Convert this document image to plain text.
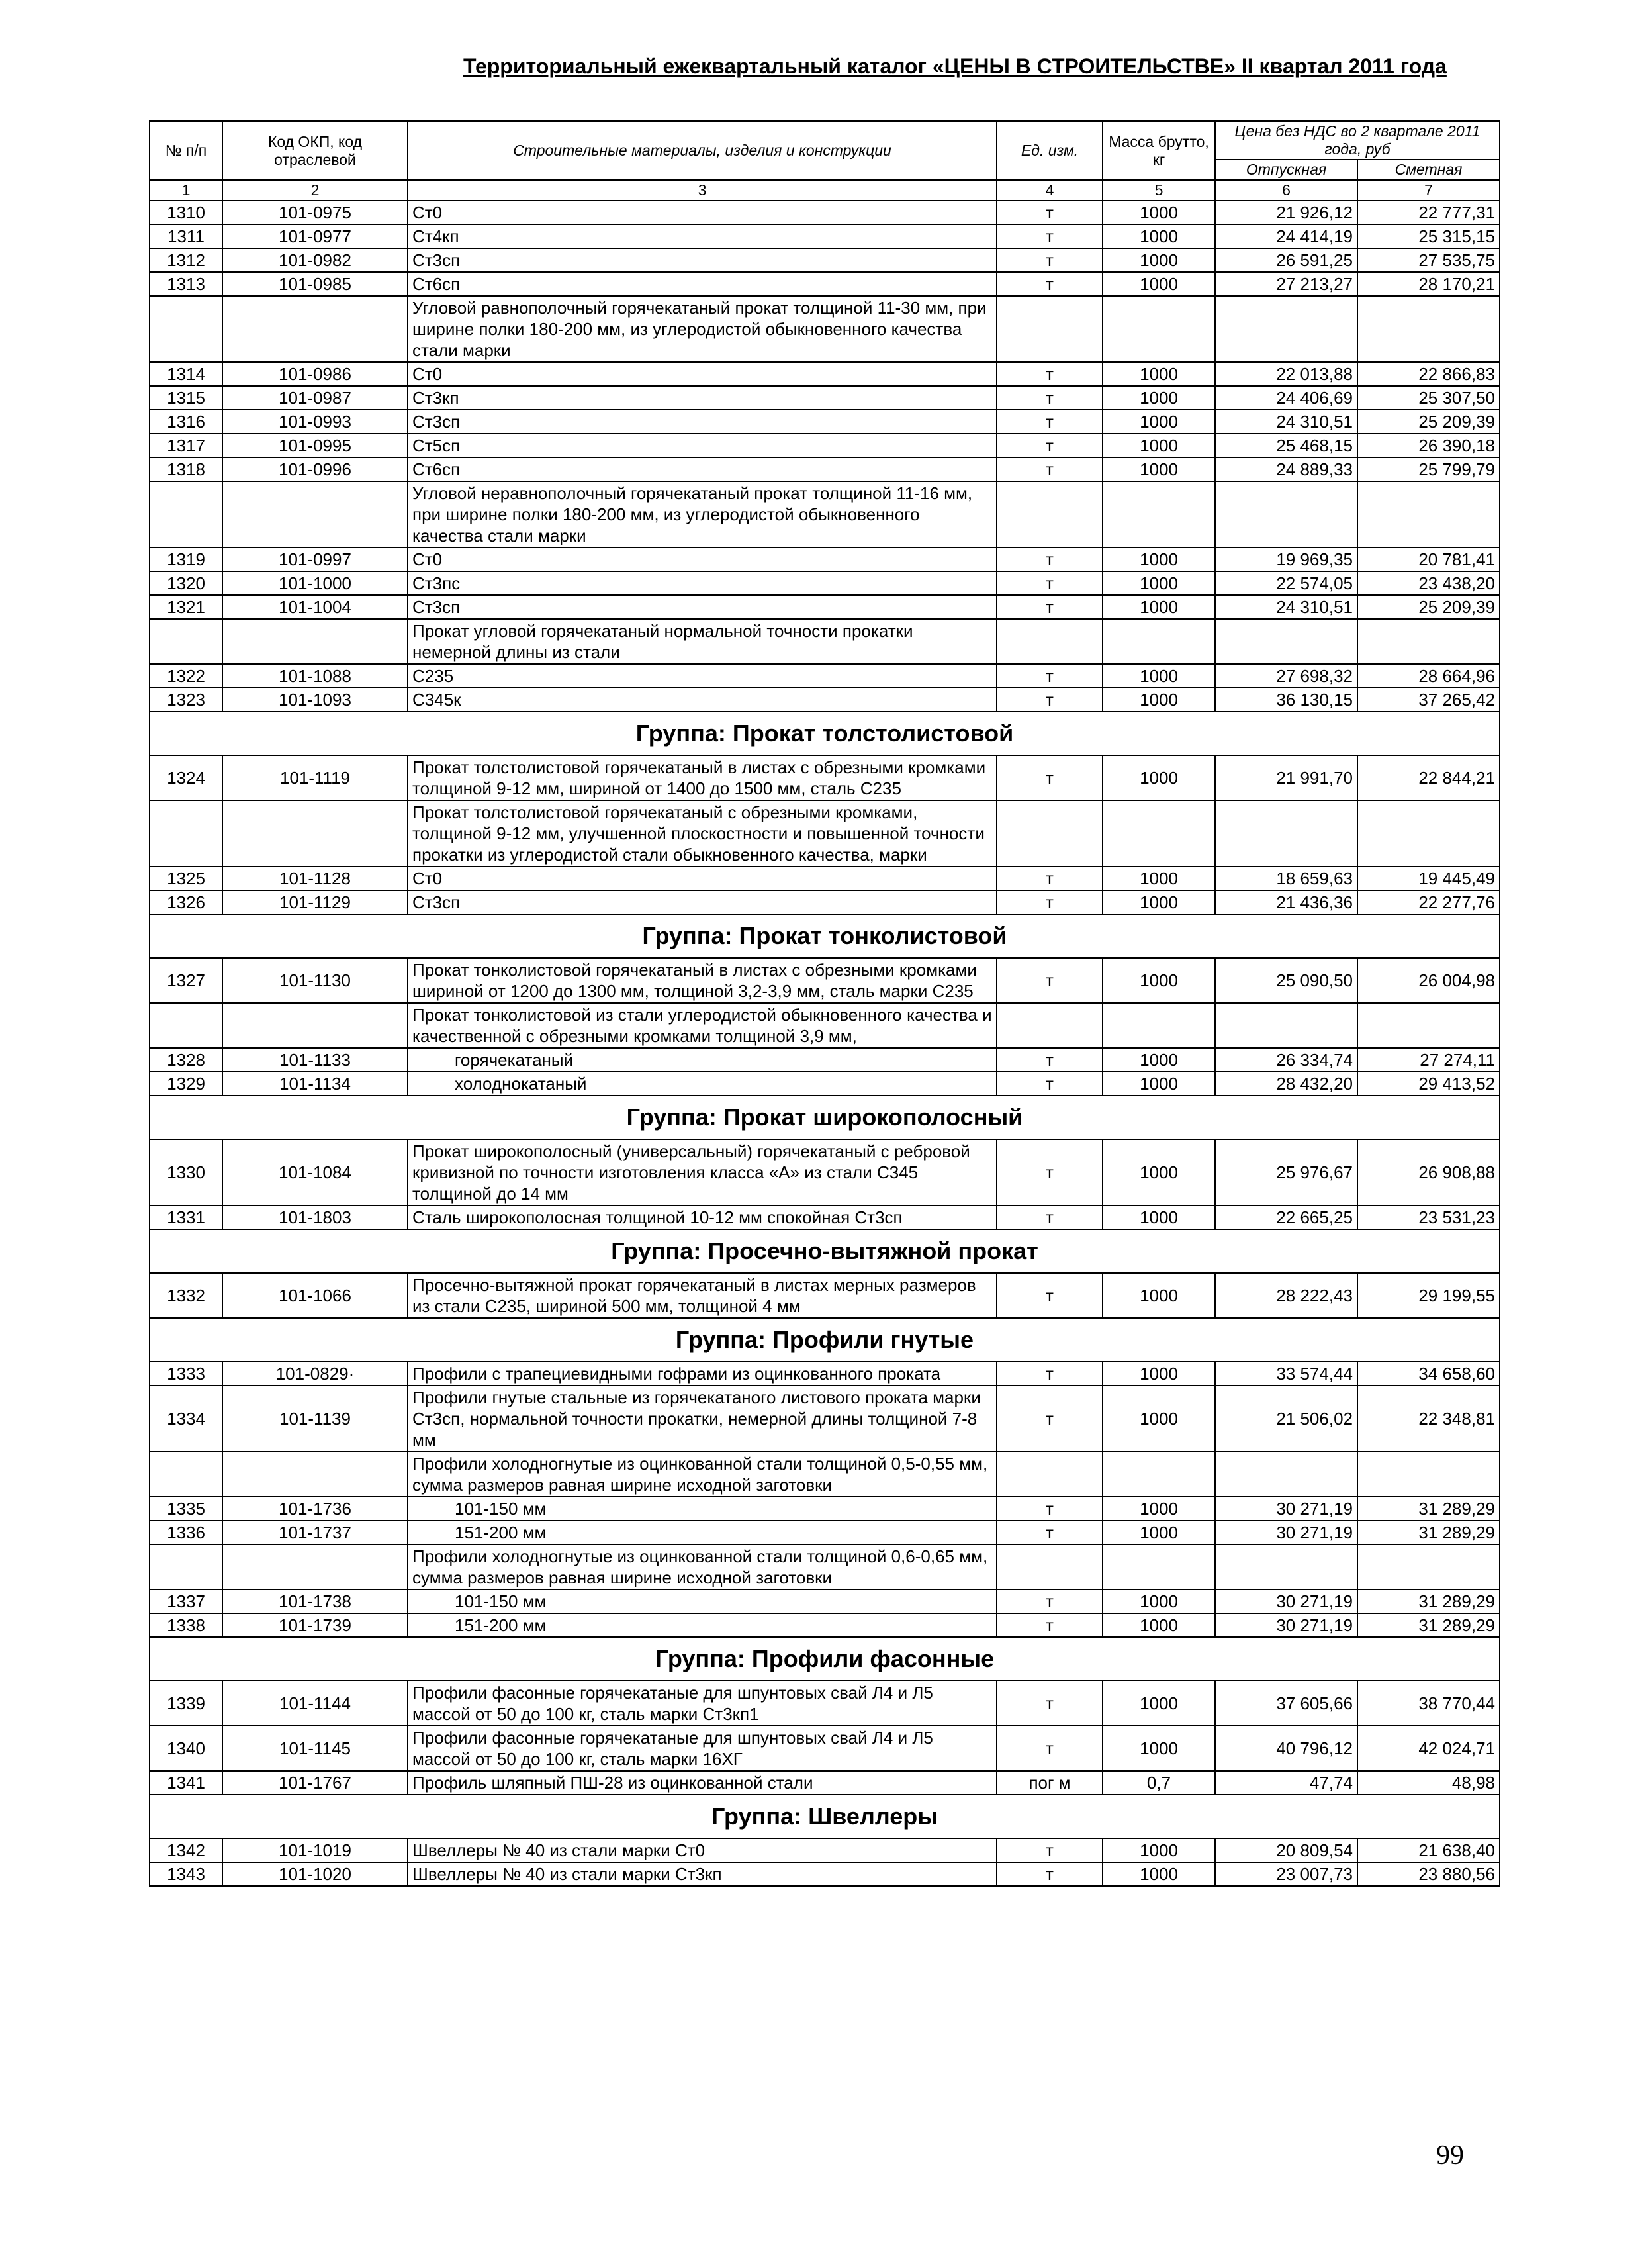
Территориальный ежеквартальный каталог «ЦЕНЫ В СТРОИТЕЛЬСТВЕ» II квартал 2011 года
№ п/п	Код ОКП, код отраслевой	Строительные материалы, изделия и конструкции	Ед. изм.	Масса брутто, кг	Цена без НДС во 2 квартале 2011 года, руб	
					Отпускная	Сметная

1	2	3	4	5	6	7
1310	101-0975	Ст0	т	1000	21 926,12	22 777,31
1311	101-0977	Ст4кп	т	1000	24 414,19	25 315,15
1312	101-0982	Ст3сп	т	1000	26 591,25	27 535,75
1313	101-0985	Ст6сп	т	1000	27 213,27	28 170,21
		Угловой равнополочный горячекатаный прокат толщиной 11-30 мм, при ширине полки 180-200 мм, из углеродистой обыкновенного качества стали марки				
1314	101-0986	Ст0	т	1000	22 013,88	22 866,83
1315	101-0987	Ст3кп	т	1000	24 406,69	25 307,50
1316	101-0993	Ст3сп	т	1000	24 310,51	25 209,39
1317	101-0995	Ст5сп	т	1000	25 468,15	26 390,18
1318	101-0996	Ст6сп	т	1000	24 889,33	25 799,79
		Угловой неравнополочный горячекатаный прокат толщиной 11-16 мм, при ширине полки 180-200 мм, из углеродистой обыкновенного качества стали марки				
1319	101-0997	Ст0	т	1000	19 969,35	20 781,41
1320	101-1000	Ст3пс	т	1000	22 574,05	23 438,20
1321	101-1004	Ст3сп	т	1000	24 310,51	25 209,39
		Прокат угловой горячекатаный нормальной точности прокатки немерной длины из стали				
1322	101-1088	С235	т	1000	27 698,32	28 664,96
1323	101-1093	С345к	т	1000	36 130,15	37 265,42
Группа: Прокат толстолистовой						
1324	101-1119	Прокат толстолистовой горячекатаный в листах с обрезными кромками толщиной 9-12 мм, шириной от 1400 до 1500 мм, сталь С235	т	1000	21 991,70	22 844,21
		Прокат толстолистовой горячекатаный с обрезными кромками, толщиной 9-12 мм, улучшенной плоскостности и повышенной точности прокатки из углеродистой стали обыкновенного качества, марки				
1325	101-1128	Ст0	т	1000	18 659,63	19 445,49
1326	101-1129	Ст3сп	т	1000	21 436,36	22 277,76
Группа: Прокат тонколистовой						
1327	101-1130	Прокат тонколистовой горячекатаный в листах с обрезными кромками шириной от 1200 до 1300 мм, толщиной 3,2-3,9 мм, сталь марки С235	т	1000	25 090,50	26 004,98
		Прокат тонколистовой из стали углеродистой обыкновенного качества и качественной с обрезными кромками толщиной 3,9 мм,				
1328	101-1133	горячекатаный	т	1000	26 334,74	27 274,11
1329	101-1134	холоднокатаный	т	1000	28 432,20	29 413,52
Группа: Прокат широкополосный						
1330	101-1084	Прокат широкополосный (универсальный) горячекатаный с ребровой кривизной по точности изготовления класса «А» из стали С345 толщиной до 14 мм	т	1000	25 976,67	26 908,88
1331	101-1803	Сталь широкополосная толщиной 10-12 мм спокойная Ст3сп	т	1000	22 665,25	23 531,23
Группа: Просечно-вытяжной прокат						
1332	101-1066	Просечно-вытяжной прокат горячекатаный в листах мерных размеров из стали С235, шириной 500 мм, толщиной 4 мм	т	1000	28 222,43	29 199,55
Группа: Профили гнутые						
1333	101-0829·	Профили с трапециевидными гофрами из оцинкованного проката	т	1000	33 574,44	34 658,60
1334	101-1139	Профили гнутые стальные из горячекатаного листового проката марки Ст3сп, нормальной точности прокатки, немерной длины толщиной 7-8 мм	т	1000	21 506,02	22 348,81
		Профили холодногнутые из оцинкованной стали толщиной 0,5-0,55 мм, сумма размеров равная ширине исходной заготовки				
1335	101-1736	101-150 мм	т	1000	30 271,19	31 289,29
1336	101-1737	151-200 мм	т	1000	30 271,19	31 289,29
		Профили холодногнутые из оцинкованной стали толщиной 0,6-0,65 мм, сумма размеров равная ширине исходной заготовки				
1337	101-1738	101-150 мм	т	1000	30 271,19	31 289,29
1338	101-1739	151-200 мм	т	1000	30 271,19	31 289,29
Группа: Профили фасонные						
1339	101-1144	Профили фасонные горячекатаные для шпунтовых свай Л4 и Л5 массой от 50 до 100 кг, сталь марки Ст3кп1	т	1000	37 605,66	38 770,44
1340	101-1145	Профили фасонные горячекатаные для шпунтовых свай Л4 и Л5 массой от 50 до 100 кг, сталь марки 16ХГ	т	1000	40 796,12	42 024,71
1341	101-1767	Профиль шляпный ПШ-28 из оцинкованной стали	пог м	0,7	47,74	48,98
Группа: Швеллеры						
1342	101-1019	Швеллеры № 40 из стали марки Ст0	т	1000	20 809,54	21 638,40
1343	101-1020	Швеллеры № 40 из стали марки Ст3кп	т	1000	23 007,73	23 880,56
99
